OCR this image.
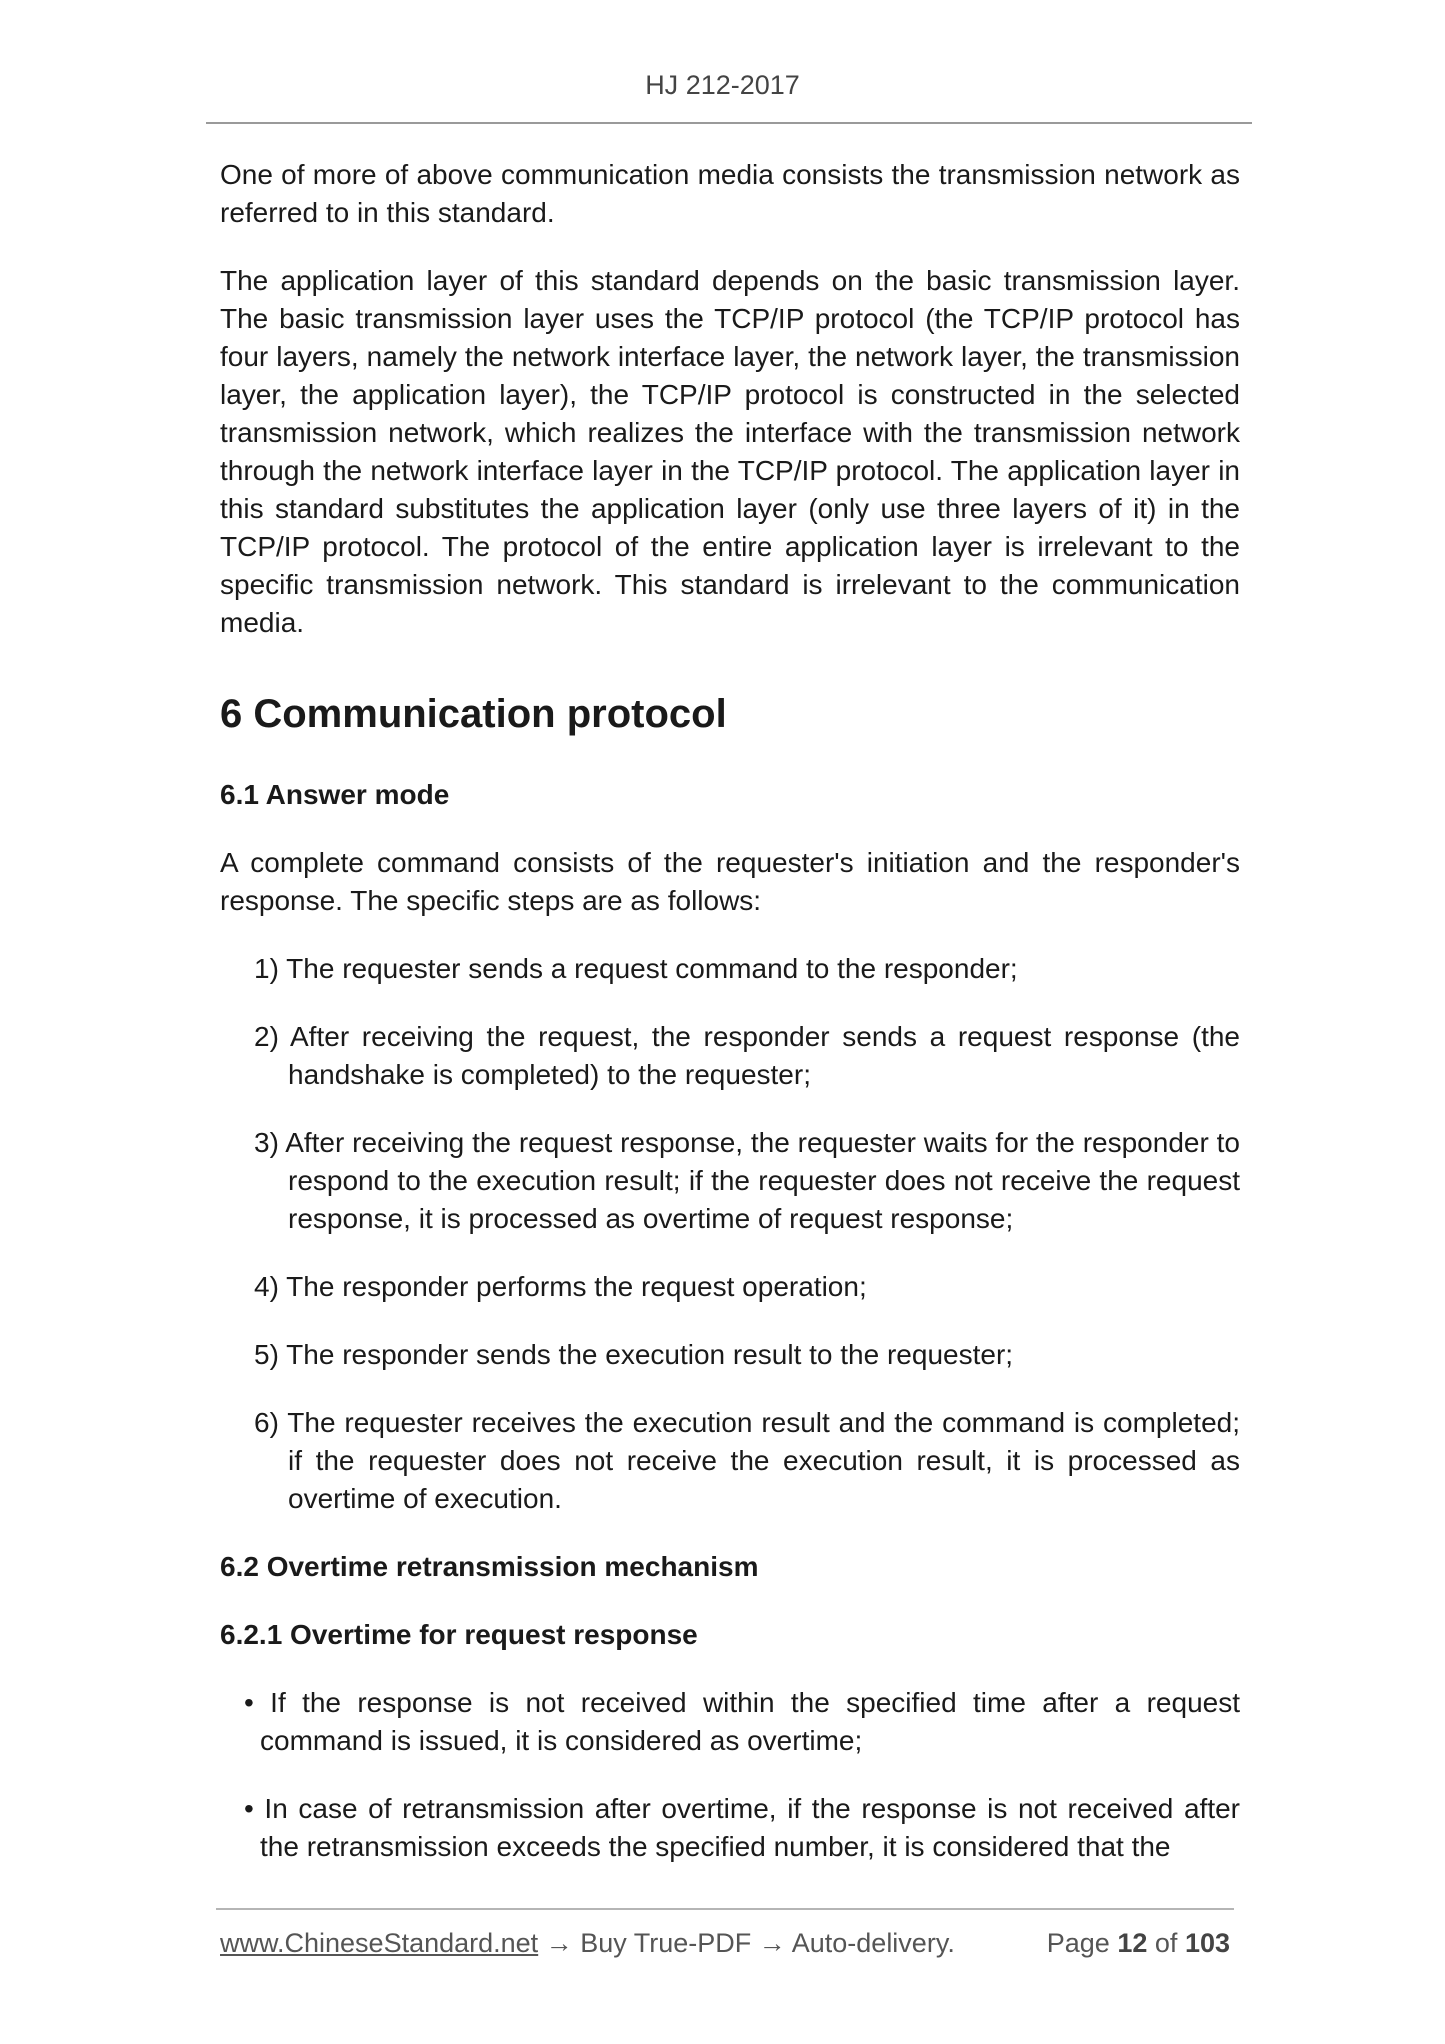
HJ 212-2017

One of more of above communication media consists the transmission network as referred to in this standard.

The application layer of this standard depends on the basic transmission layer. The basic transmission layer uses the TCP/IP protocol (the TCP/IP protocol has four layers, namely the network interface layer, the network layer, the transmission layer, the application layer), the TCP/IP protocol is constructed in the selected transmission network, which realizes the interface with the transmission network through the network interface layer in the TCP/IP protocol. The application layer in this standard substitutes the application layer (only use three layers of it) in the TCP/IP protocol. The protocol of the entire application layer is irrelevant to the specific transmission network. This standard is irrelevant to the communication media.

6 Communication protocol
6.1 Answer mode

A complete command consists of the requester's initiation and the responder's response. The specific steps are as follows:

1) The requester sends a request command to the responder;
2) After receiving the request, the responder sends a request response (the handshake is completed) to the requester;
3) After receiving the request response, the requester waits for the responder to respond to the execution result; if the requester does not receive the request response, it is processed as overtime of request response;
4) The responder performs the request operation;
5) The responder sends the execution result to the requester;
6) The requester receives the execution result and the command is completed; if the requester does not receive the execution result, it is processed as overtime of execution.
6.2 Overtime retransmission mechanism
6.2.1 Overtime for request response
• If the response is not received within the specified time after a request command is issued, it is considered as overtime;
• In case of retransmission after overtime, if the response is not received after the retransmission exceeds the specified number, it is considered that the
www.ChineseStandard.net → Buy True-PDF → Auto-delivery.	Page 12 of 103
